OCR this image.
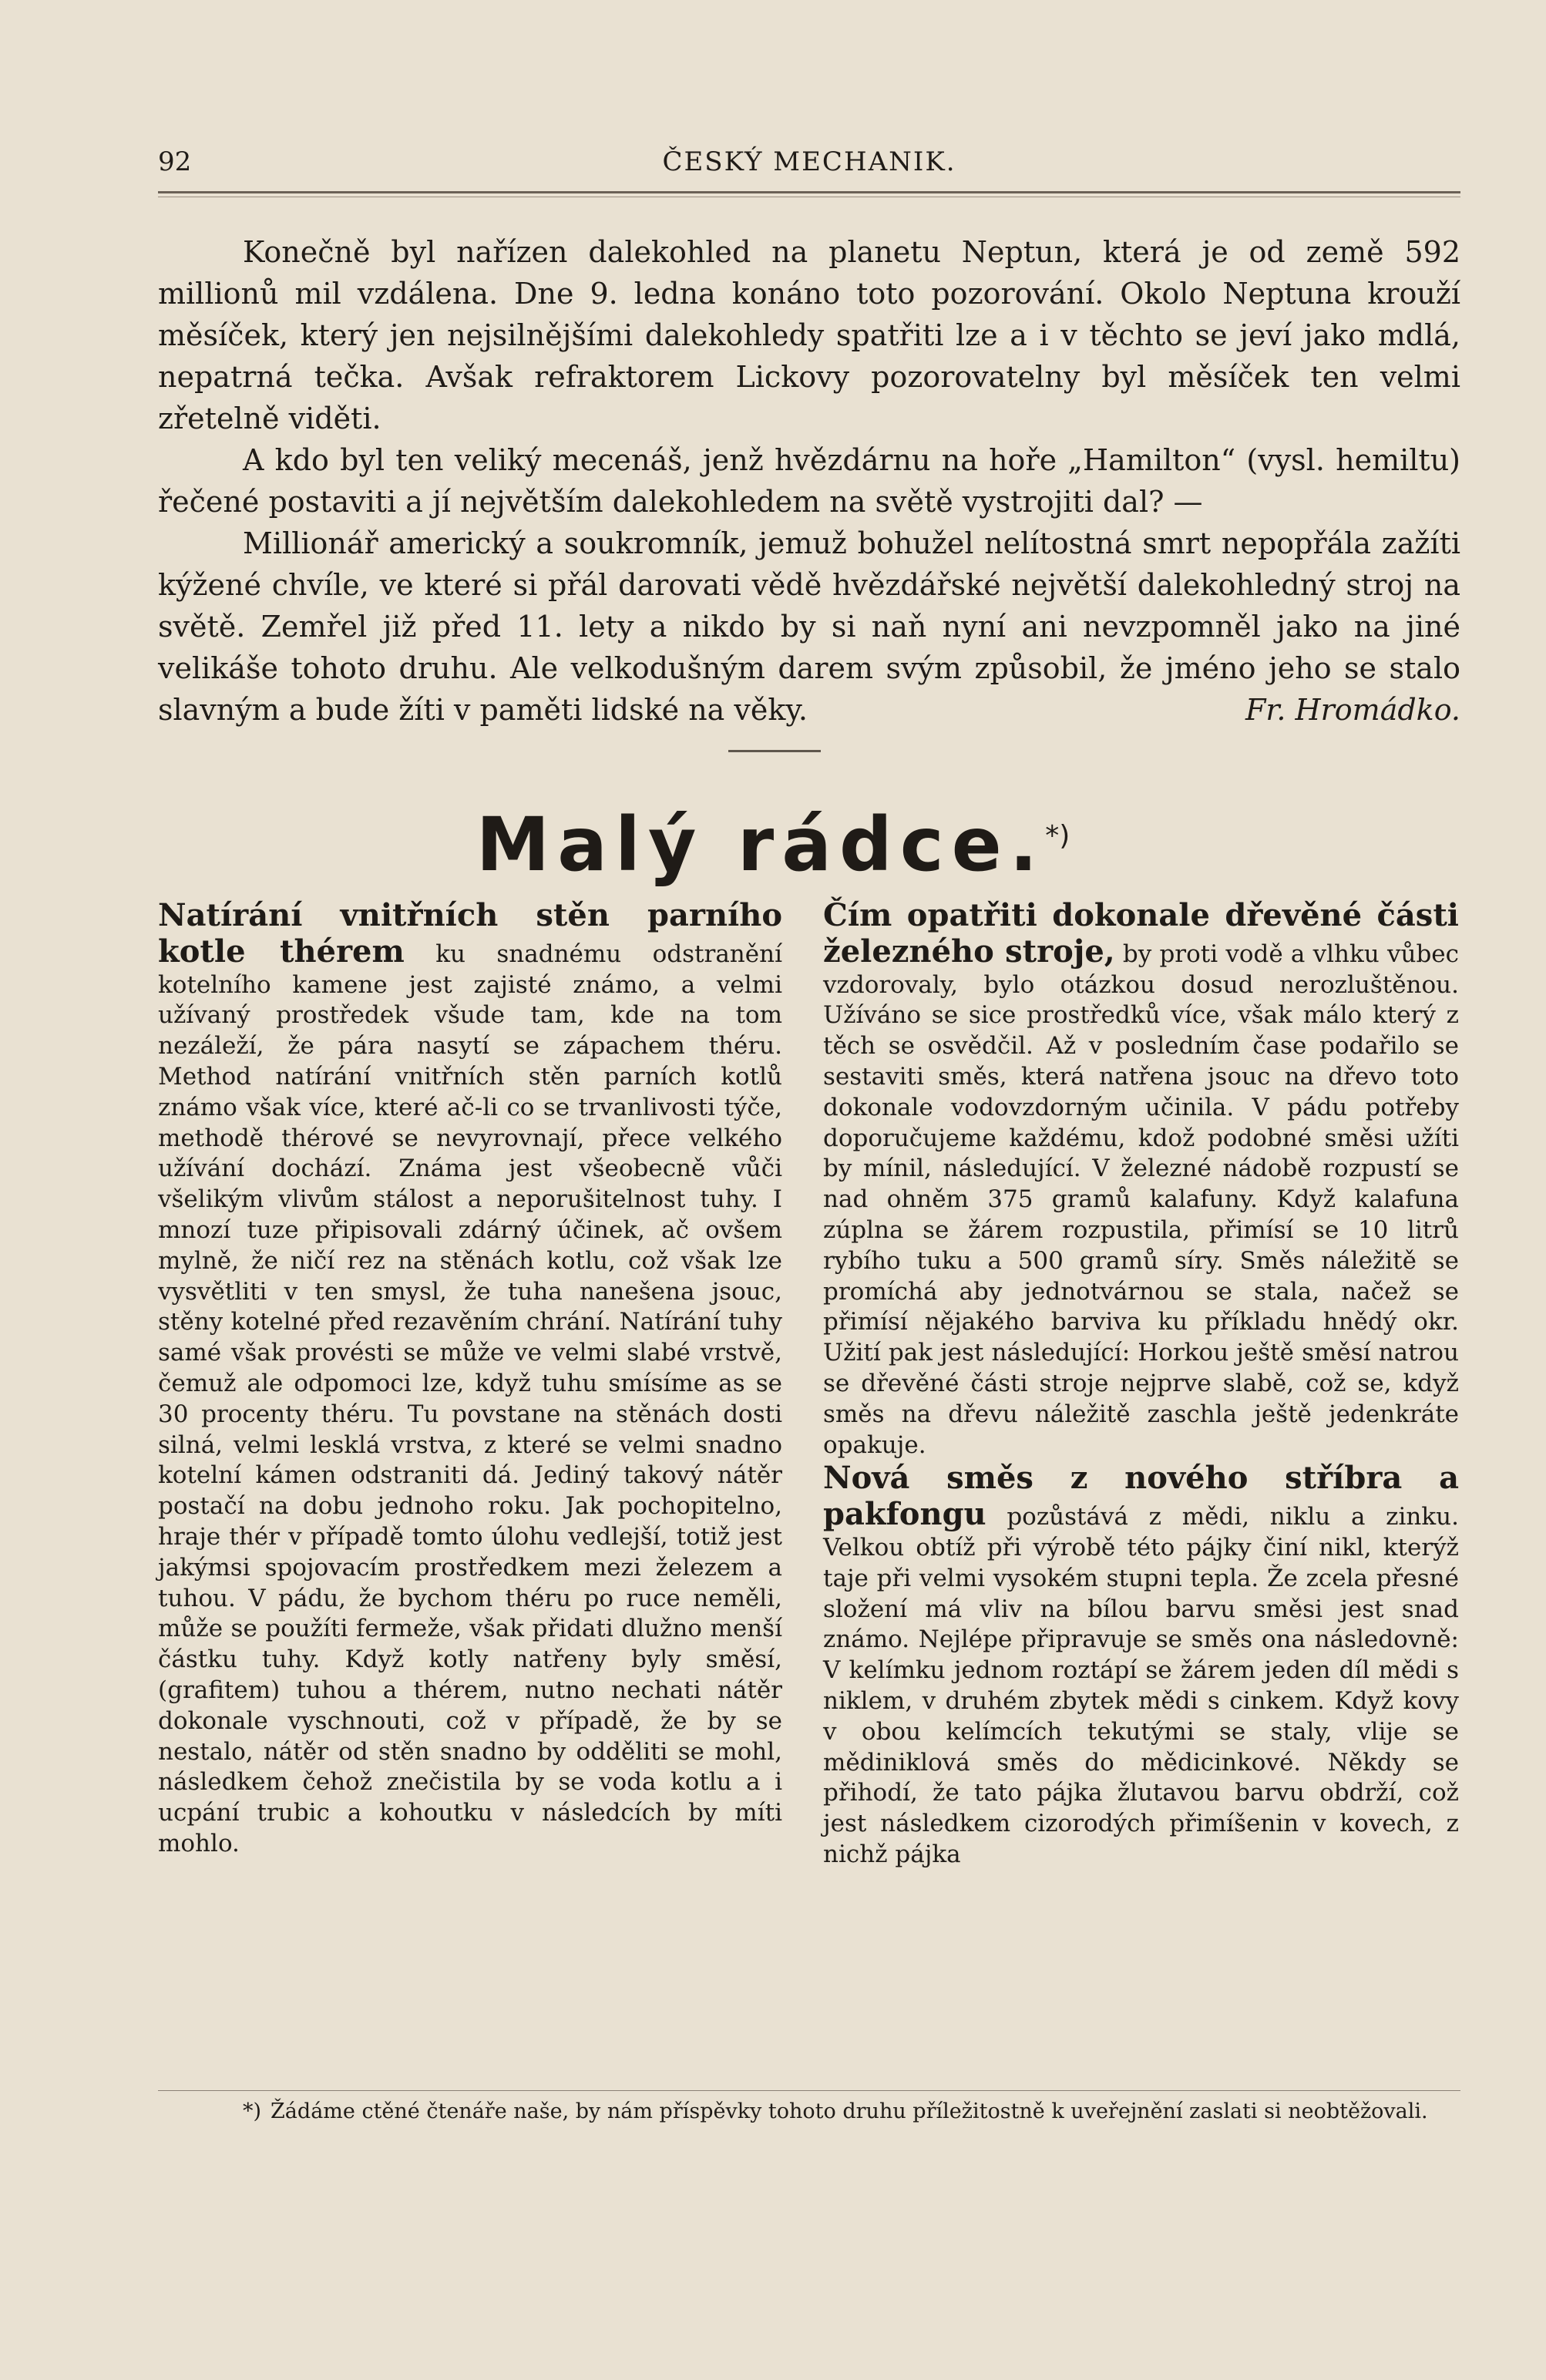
92	ČESKÝ MECHANIK.

Konečně byl nařízen dalekohled na planetu Neptun, která je od země 592 millionů mil vzdálena. Dne 9. ledna konáno toto pozorování. Okolo Neptuna krouží měsíček, který jen nejsilnějšími dalekohledy spatřiti lze a i v těchto se jeví jako mdlá, nepatrná tečka. Avšak refraktorem Lickovy pozorovatelny byl měsíček ten velmi zřetelně viděti.

A kdo byl ten veliký mecenáš, jenž hvězdárnu na hoře „Hamilton“ (vysl. hemiltu) řečené postaviti a jí největším dalekohledem na světě vystrojiti dal? —

Millionář americký a soukromník, jemuž bohužel nelítostná smrt nepopřála zažíti kýžené chvíle, ve které si přál darovati vědě hvězdářské největší dalekohledný stroj na světě. Zemřel již před 11. lety a nikdo by si naň nyní ani nevzpomněl jako na jiné velikáše tohoto druhu. Ale velkodušným darem svým způsobil, že jméno jeho se stalo slavným a bude žíti v paměti lidské na věky.	Fr. Hromádko.

Malý rádce.*)

Natírání vnitřních stěn parního kotle thérem ku snadnému odstranění kotelního kamene jest zajisté známo, a velmi užívaný prostředek všude tam, kde na tom nezáleží, že pára nasytí se zápachem théru. Method natírání vnitřních stěn parních kotlů známo však více, které ač-li co se trvanlivosti týče, methodě thérové se nevyrovnají, přece velkého užívání dochází. Známa jest všeobecně vůči všelikým vlivům stálost a neporušitelnost tuhy. I mnozí tuze připisovali zdárný účinek, ač ovšem mylně, že ničí rez na stěnách kotlu, což však lze vysvětliti v ten smysl, že tuha nanešena jsouc, stěny kotelné před rezavěním chrání. Natírání tuhy samé však provésti se může ve velmi slabé vrstvě, čemuž ale odpomoci lze, když tuhu smísíme as se 30 procenty théru. Tu povstane na stěnách dosti silná, velmi lesklá vrstva, z které se velmi snadno kotelní kámen odstraniti dá. Jediný takový nátěr postačí na dobu jednoho roku. Jak pochopitelno, hraje thér v případě tomto úlohu vedlejší, totiž jest jakýmsi spojovacím prostředkem mezi železem a tuhou. V pádu, že bychom théru po ruce neměli, může se použíti fermeže, však přidati dlužno menší částku tuhy. Když kotly natřeny byly směsí, (grafitem) tuhou a thérem, nutno nechati nátěr dokonale vyschnouti, což v případě, že by se nestalo, nátěr od stěn snadno by odděliti se mohl, následkem čehož znečistila by se voda kotlu a i ucpání trubic a kohoutku v následcích by míti mohlo.

Čím opatřiti dokonale dřevěné části železného stroje, by proti vodě a vlhku vůbec vzdorovaly, bylo otázkou dosud nerozluštěnou. Užíváno se sice prostředků více, však málo který z těch se osvědčil. Až v posledním čase podařilo se sestaviti směs, která natřena jsouc na dřevo toto dokonale vodovzdorným učinila. V pádu potřeby doporučujeme každému, kdož podobné směsi užíti by mínil, následující. V železné nádobě rozpustí se nad ohněm 375 gramů kalafuny. Když kalafuna zúplna se žárem rozpustila, přimísí se 10 litrů rybího tuku a 500 gramů síry. Směs náležitě se promíchá aby jednotvárnou se stala, načež se přimísí nějakého barviva ku příkladu hnědý okr. Užití pak jest následující: Horkou ještě směsí natrou se dřevěné části stroje nejprve slabě, což se, když směs na dřevu náležitě zaschla ještě jedenkráte opakuje.

Nová směs z nového stříbra a pakfongu pozůstává z mědi, niklu a zinku. Velkou obtíž při výrobě této pájky činí nikl, kterýž taje při velmi vysokém stupni tepla. Že zcela přesné složení má vliv na bílou barvu směsi jest snad známo. Nejlépe připravuje se směs ona následovně: V kelímku jednom roztápí se žárem jeden díl mědi s niklem, v druhém zbytek mědi s cinkem. Když kovy v obou kelímcích tekutými se staly, vlije se mědiniklová směs do mědicinkové. Někdy se přihodí, že tato pájka žlutavou barvu obdrží, což jest následkem cizorodých přimíšenin v kovech, z nichž pájka

*) Žádáme ctěné čtenáře naše, by nám příspěvky tohoto druhu příležitostně k uveřejnění zaslati si neobtěžovali.
